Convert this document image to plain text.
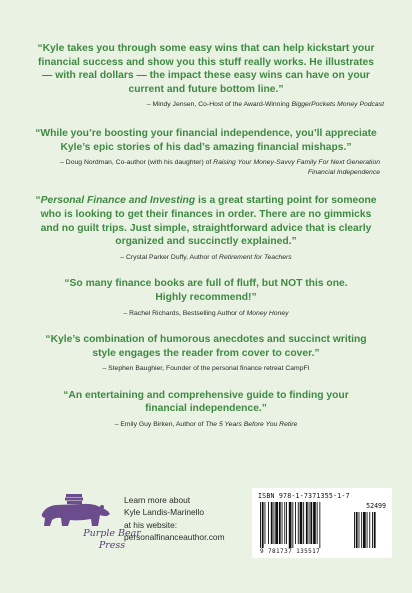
“Kyle takes you through some easy wins that can help kickstart your financial success and show you this stuff really works. He illustrates — with real dollars — the impact these easy wins can have on your current and future bottom line.”

– Mindy Jensen, Co-Host of the Award-Winning BiggerPockets Money Podcast

“While you’re boosting your financial independence, you’ll appreciate Kyle’s epic stories of his dad’s amazing financial mishaps.”

– Doug Nordman, Co-author (with his daughter) of Raising Your Money-Savvy Family For Next Generation Financial Independence

“Personal Finance and Investing is a great starting point for someone who is looking to get their finances in order. There are no gimmicks and no guilt trips. Just simple, straightforward advice that is clearly organized and succinctly explained.”

– Crystal Parker Duffy, Author of Retirement for Teachers

“So many finance books are full of fluff, but NOT this one. Highly recommend!”

– Rachel Richards, Bestselling Author of Money Honey

“Kyle’s combination of humorous anecdotes and succinct writing style engages the reader from cover to cover.”

– Stephen Baughier, Founder of the personal finance retreat CampFI

“An entertaining and comprehensive guide to finding your financial independence.”

– Emily Guy Birken, Author of The 5 Years Before You Retire

Purple Bear
Press
Learn more about
Kyle Landis-Marinello
at his website:
personalfinanceauthor.com
ISBN 978-1-7371355-1-7
52499
9 781737 135517
